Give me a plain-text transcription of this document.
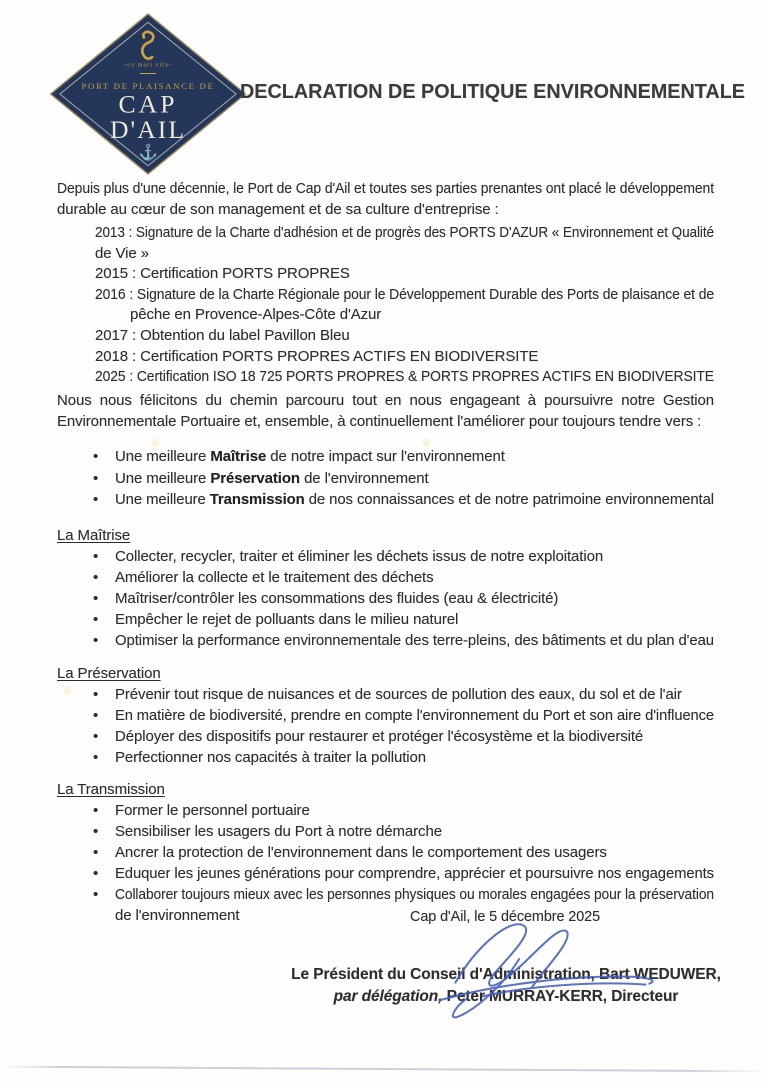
-ex mari vita-
PORT DE PLAISANCE DE
CAP
D'AIL
⚓
DECLARATION DE POLITIQUE ENVIRONNEMENTALE
Depuis plus d'une décennie, le Port de Cap d'Ail et toutes ses parties prenantes ont placé le développement
durable au cœur de son management et de sa culture d'entreprise :
2013 : Signature de la Charte d'adhésion et de progrès des PORTS D'AZUR « Environnement et Qualité
de Vie »
2015 : Certification PORTS PROPRES
2016 : Signature de la Charte Régionale pour le Développement Durable des Ports de plaisance et de
pêche en Provence-Alpes-Côte d'Azur
2017 : Obtention du label Pavillon Bleu
2018 : Certification PORTS PROPRES ACTIFS EN BIODIVERSITE
2025 : Certification ISO 18 725 PORTS PROPRES & PORTS PROPRES ACTIFS EN BIODIVERSITE
Nous nous félicitons du chemin parcouru tout en nous engageant à poursuivre notre Gestion
Environnementale Portuaire et, ensemble, à continuellement l'améliorer pour toujours tendre vers :
• Une meilleure Maîtrise de notre impact sur l'environnement
• Une meilleure Préservation de l'environnement
• Une meilleure Transmission de nos connaissances et de notre patrimoine environnemental
La Maîtrise
• Collecter, recycler, traiter et éliminer les déchets issus de notre exploitation
• Améliorer la collecte et le traitement des déchets
• Maîtriser/contrôler les consommations des fluides (eau & électricité)
• Empêcher le rejet de polluants dans le milieu naturel
• Optimiser la performance environnementale des terre-pleins, des bâtiments et du plan d'eau
La Préservation
• Prévenir tout risque de nuisances et de sources de pollution des eaux, du sol et de l'air
• En matière de biodiversité, prendre en compte l'environnement du Port et son aire d'influence
• Déployer des dispositifs pour restaurer et protéger l'écosystème et la biodiversité
• Perfectionner nos capacités à traiter la pollution
La Transmission
• Former le personnel portuaire
• Sensibiliser les usagers du Port à notre démarche
• Ancrer la protection de l'environnement dans le comportement des usagers
• Eduquer les jeunes générations pour comprendre, apprécier et poursuivre nos engagements
• Collaborer toujours mieux avec les personnes physiques ou morales engagées pour la préservation
de l'environnement	Cap d'Ail, le 5 décembre 2025
Le Président du Conseil d'Administration, Bart WEDUWER,
par délégation, Peter MURRAY-KERR, Directeur
